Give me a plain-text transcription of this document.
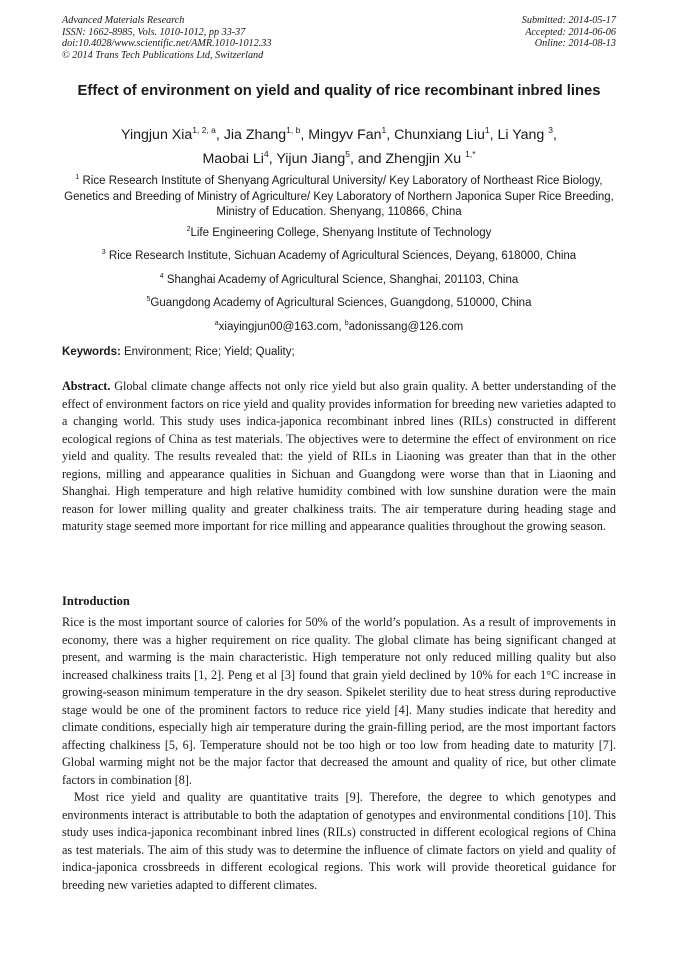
Advanced Materials Research
ISSN: 1662-8985, Vols. 1010-1012, pp 33-37
doi:10.4028/www.scientific.net/AMR.1010-1012.33
© 2014 Trans Tech Publications Ltd, Switzerland
Submitted: 2014-05-17
Accepted: 2014-06-06
Online: 2014-08-13
Effect of environment on yield and quality of rice recombinant inbred lines
Yingjun Xia$^{1, 2, a}$, Jia Zhang$^{1, b}$, Mingyv Fan$^1$, Chunxiang Liu$^1$, Li Yang $^3$,
Maobai Li$^4$, Yijun Jiang$^5$, and Zhengjin Xu $^{1,*}$
$^1$ Rice Research Institute of Shenyang Agricultural University/ Key Laboratory of Northeast Rice Biology, Genetics and Breeding of Ministry of Agriculture/ Key Laboratory of Northern Japonica Super Rice Breeding, Ministry of Education. Shenyang, 110866, China
$^2$Life Engineering College, Shenyang Institute of Technology
$^3$ Rice Research Institute, Sichuan Academy of Agricultural Sciences, Deyang, 618000, China
$^4$ Shanghai Academy of Agricultural Science, Shanghai, 201103, China
$^5$Guangdong Academy of Agricultural Sciences, Guangdong, 510000, China
$^a$xiayingjun00@163.com, $^b$adonissang@126.com
Keywords: Environment; Rice; Yield; Quality;

Abstract. Global climate change affects not only rice yield but also grain quality. A better understanding of the effect of environment factors on rice yield and quality provides information for breeding new varieties adapted to a changing world. This study uses indica-japonica recombinant inbred lines (RILs) constructed in different ecological regions of China as test materials. The objectives were to determine the effect of environment on rice yield and quality. The results revealed that: the yield of RILs in Liaoning was greater than that in the other regions, milling and appearance qualities in Sichuan and Guangdong were worse than that in Liaoning and Shanghai. High temperature and high relative humidity combined with low sunshine duration were the main reason for lower milling quality and greater chalkiness traits. The air temperature during heading stage and maturity stage seemed more important for rice milling and appearance qualities throughout the growing season.

Introduction

Rice is the most important source of calories for 50% of the world’s population. As a result of improvements in economy, there was a higher requirement on rice quality. The global climate has being significant changed at present, and warming is the main characteristic. High temperature not only reduced milling quality but also increased chalkiness traits [1, 2]. Peng et al [3] found that grain yield declined by 10% for each 1°C increase in growing-season minimum temperature in the dry season. Spikelet sterility due to heat stress during reproductive stage would be one of the prominent factors to reduce rice yield [4]. Many studies indicate that heredity and climate conditions, especially high air temperature during the grain-filling period, are the most important factors affecting chalkiness [5, 6]. Temperature should not be too high or too low from heading date to maturity [7]. Global warming might not be the major factor that decreased the amount and quality of rice, but other climate factors in combination [8].

Most rice yield and quality are quantitative traits [9]. Therefore, the degree to which genotypes and environments interact is attributable to both the adaptation of genotypes and environmental conditions [10]. This study uses indica-japonica recombinant inbred lines (RILs) constructed in different ecological regions of China as test materials. The aim of this study was to determine the influence of climate factors on yield and quality of indica-japonica crossbreeds in different ecological regions. This work will provide theoretical guidance for breeding new varieties adapted to different climates.
